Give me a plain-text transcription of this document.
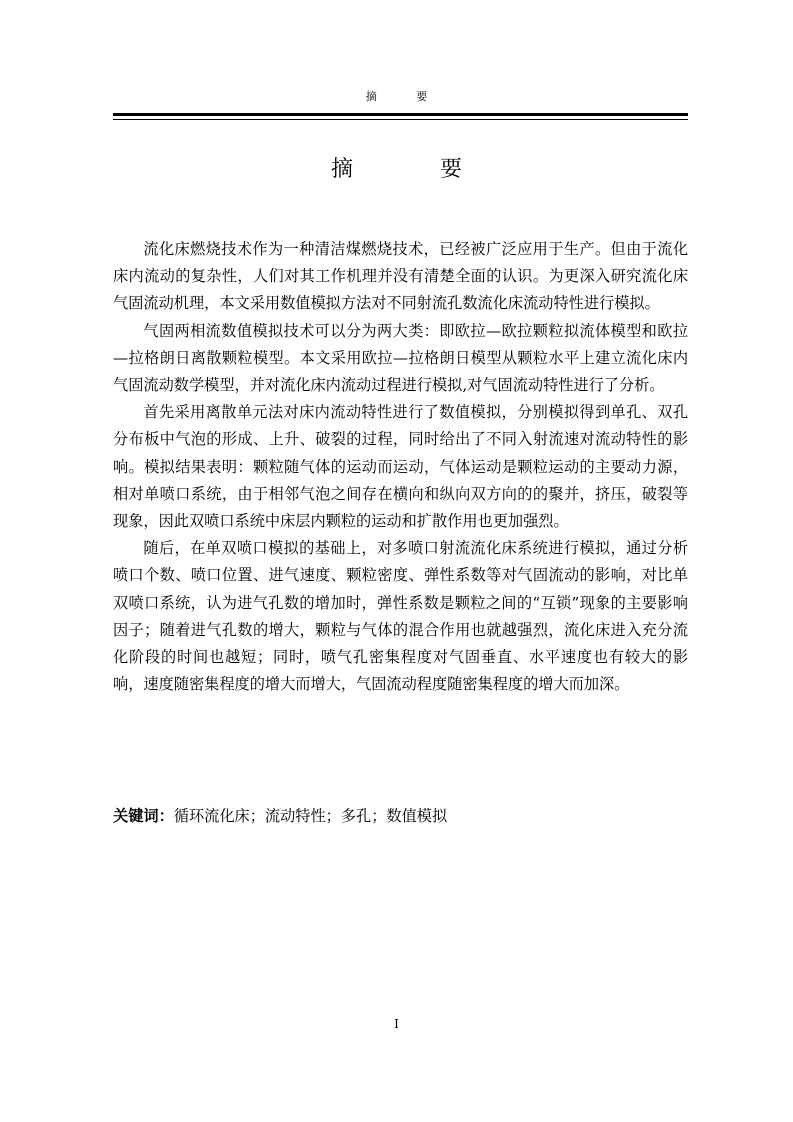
摘 要
摘 要

流化床燃烧技术作为一种清洁煤燃烧技术，已经被广泛应用于生产。但由于流化床内流动的复杂性，人们对其工作机理并没有清楚全面的认识。为更深入研究流化床气固流动机理，本文采用数值模拟方法对不同射流孔数流化床流动特性进行模拟。

气固两相流数值模拟技术可以分为两大类：即欧拉—欧拉颗粒拟流体模型和欧拉—拉格朗日离散颗粒模型。本文采用欧拉—拉格朗日模型从颗粒水平上建立流化床内气固流动数学模型，并对流化床内流动过程进行模拟,对气固流动特性进行了分析。

首先采用离散单元法对床内流动特性进行了数值模拟，分别模拟得到单孔、双孔分布板中气泡的形成、上升、破裂的过程，同时给出了不同入射流速对流动特性的影响。模拟结果表明：颗粒随气体的运动而运动，气体运动是颗粒运动的主要动力源，相对单喷口系统，由于相邻气泡之间存在横向和纵向双方向的的聚并，挤压，破裂等现象，因此双喷口系统中床层内颗粒的运动和扩散作用也更加强烈。

随后，在单双喷口模拟的基础上，对多喷口射流流化床系统进行模拟，通过分析喷口个数、喷口位置、进气速度、颗粒密度、弹性系数等对气固流动的影响，对比单双喷口系统，认为进气孔数的增加时，弹性系数是颗粒之间的“互锁”现象的主要影响因子；随着进气孔数的增大，颗粒与气体的混合作用也就越强烈，流化床进入充分流化阶段的时间也越短；同时，喷气孔密集程度对气固垂直、水平速度也有较大的影响，速度随密集程度的增大而增大，气固流动程度随密集程度的增大而加深。

关键词：循环流化床；流动特性；多孔；数值模拟
I
